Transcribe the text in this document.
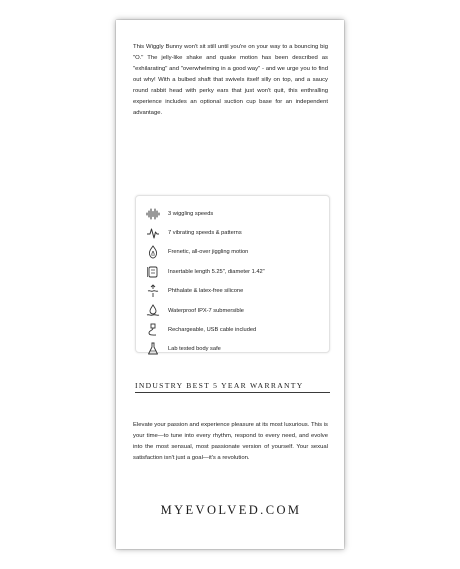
This Wiggly Bunny won't sit still until you're on your way to a bouncing big "O." The jelly-like shake and quake motion has been described as "exhilarating" and "overwhelming in a good way" - and we urge you to find out why! With a bulbed shaft that swivels itself silly on top, and a saucy round rabbit head with perky ears that just won't quit, this enthralling experience includes an optional suction cup base for an independent advantage.

3 wiggling speeds
7 vibrating speeds & patterns
Frenetic, all-over jiggling motion
Insertable length 5.25", diameter 1.42"
Phthalate & latex-free silicone
Waterproof IPX-7 submersible
Rechargeable, USB cable included
Lab tested body safe
INDUSTRY BEST 5 YEAR WARRANTY

Elevate your passion and experience pleasure at its most luxurious. This is your time—to tune into every rhythm, respond to every need, and evolve into the most sensual, most passionate version of yourself. Your sexual satisfaction isn't just a goal—it's a revolution.

MYEVOLVED.COM
